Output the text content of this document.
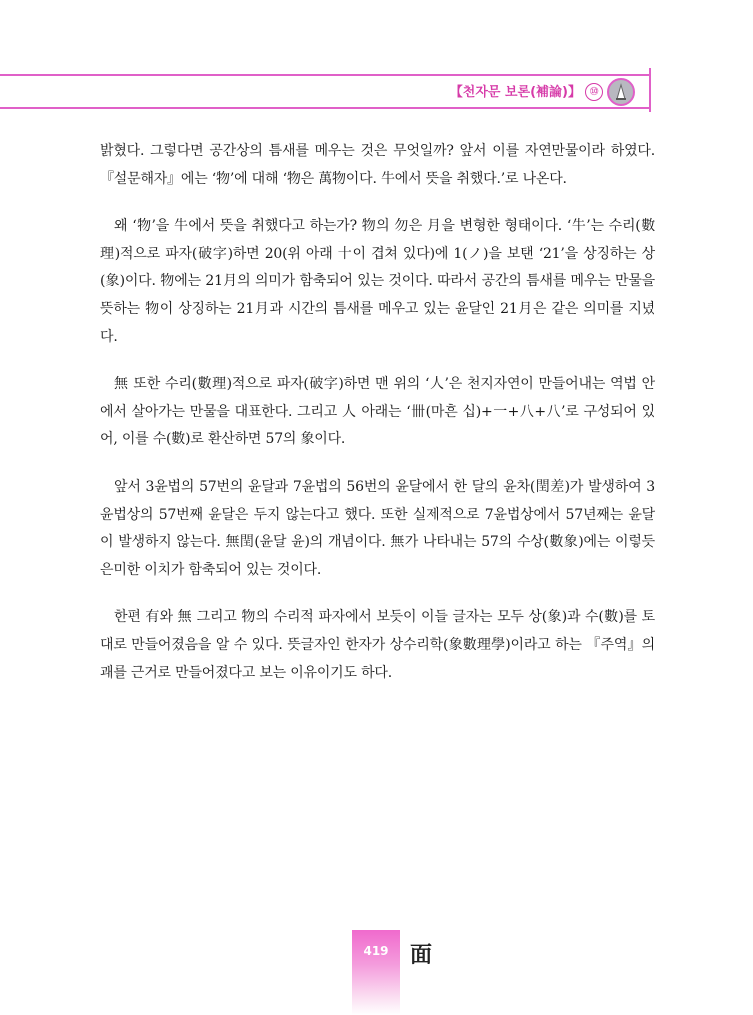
【천자문 보론(補論)】 ⑩

밝혔다. 그렇다면 공간상의 틈새를 메우는 것은 무엇일까? 앞서 이를 자연만물이라 하였다. 『설문해자』에는 ‘物’에 대해 ‘物은 萬物이다. 牛에서 뜻을 취했다.’로 나온다.

왜 ‘物’을 牛에서 뜻을 취했다고 하는가? 物의 勿은 月을 변형한 형태이다. ‘牛’는 수리(數理)적으로 파자(破字)하면 20(위 아래 十이 겹쳐 있다)에 1(ノ)을 보탠 ‘21’을 상징하는 상(象)이다. 物에는 21月의 의미가 함축되어 있는 것이다. 따라서 공간의 틈새를 메우는 만물을 뜻하는 物이 상징하는 21月과 시간의 틈새를 메우고 있는 윤달인 21月은 같은 의미를 지녔다.

無 또한 수리(數理)적으로 파자(破字)하면 맨 위의 ‘人’은 천지자연이 만들어내는 역법 안에서 살아가는 만물을 대표한다. 그리고 人 아래는 ‘卌(마흔 십)+一+八+八’로 구성되어 있어, 이를 수(數)로 환산하면 57의 象이다.

앞서 3윤법의 57번의 윤달과 7윤법의 56번의 윤달에서 한 달의 윤차(閏差)가 발생하여 3윤법상의 57번째 윤달은 두지 않는다고 했다. 또한 실제적으로 7윤법상에서 57년째는 윤달이 발생하지 않는다. 無閏(윤달 윤)의 개념이다. 無가 나타내는 57의 수상(數象)에는 이렇듯 은미한 이치가 함축되어 있는 것이다.

한편 有와 無 그리고 物의 수리적 파자에서 보듯이 이들 글자는 모두 상(象)과 수(數)를 토대로 만들어졌음을 알 수 있다. 뜻글자인 한자가 상수리학(象數理學)이라고 하는 『주역』의 괘를 근거로 만들어졌다고 보는 이유이기도 하다.

419 面
